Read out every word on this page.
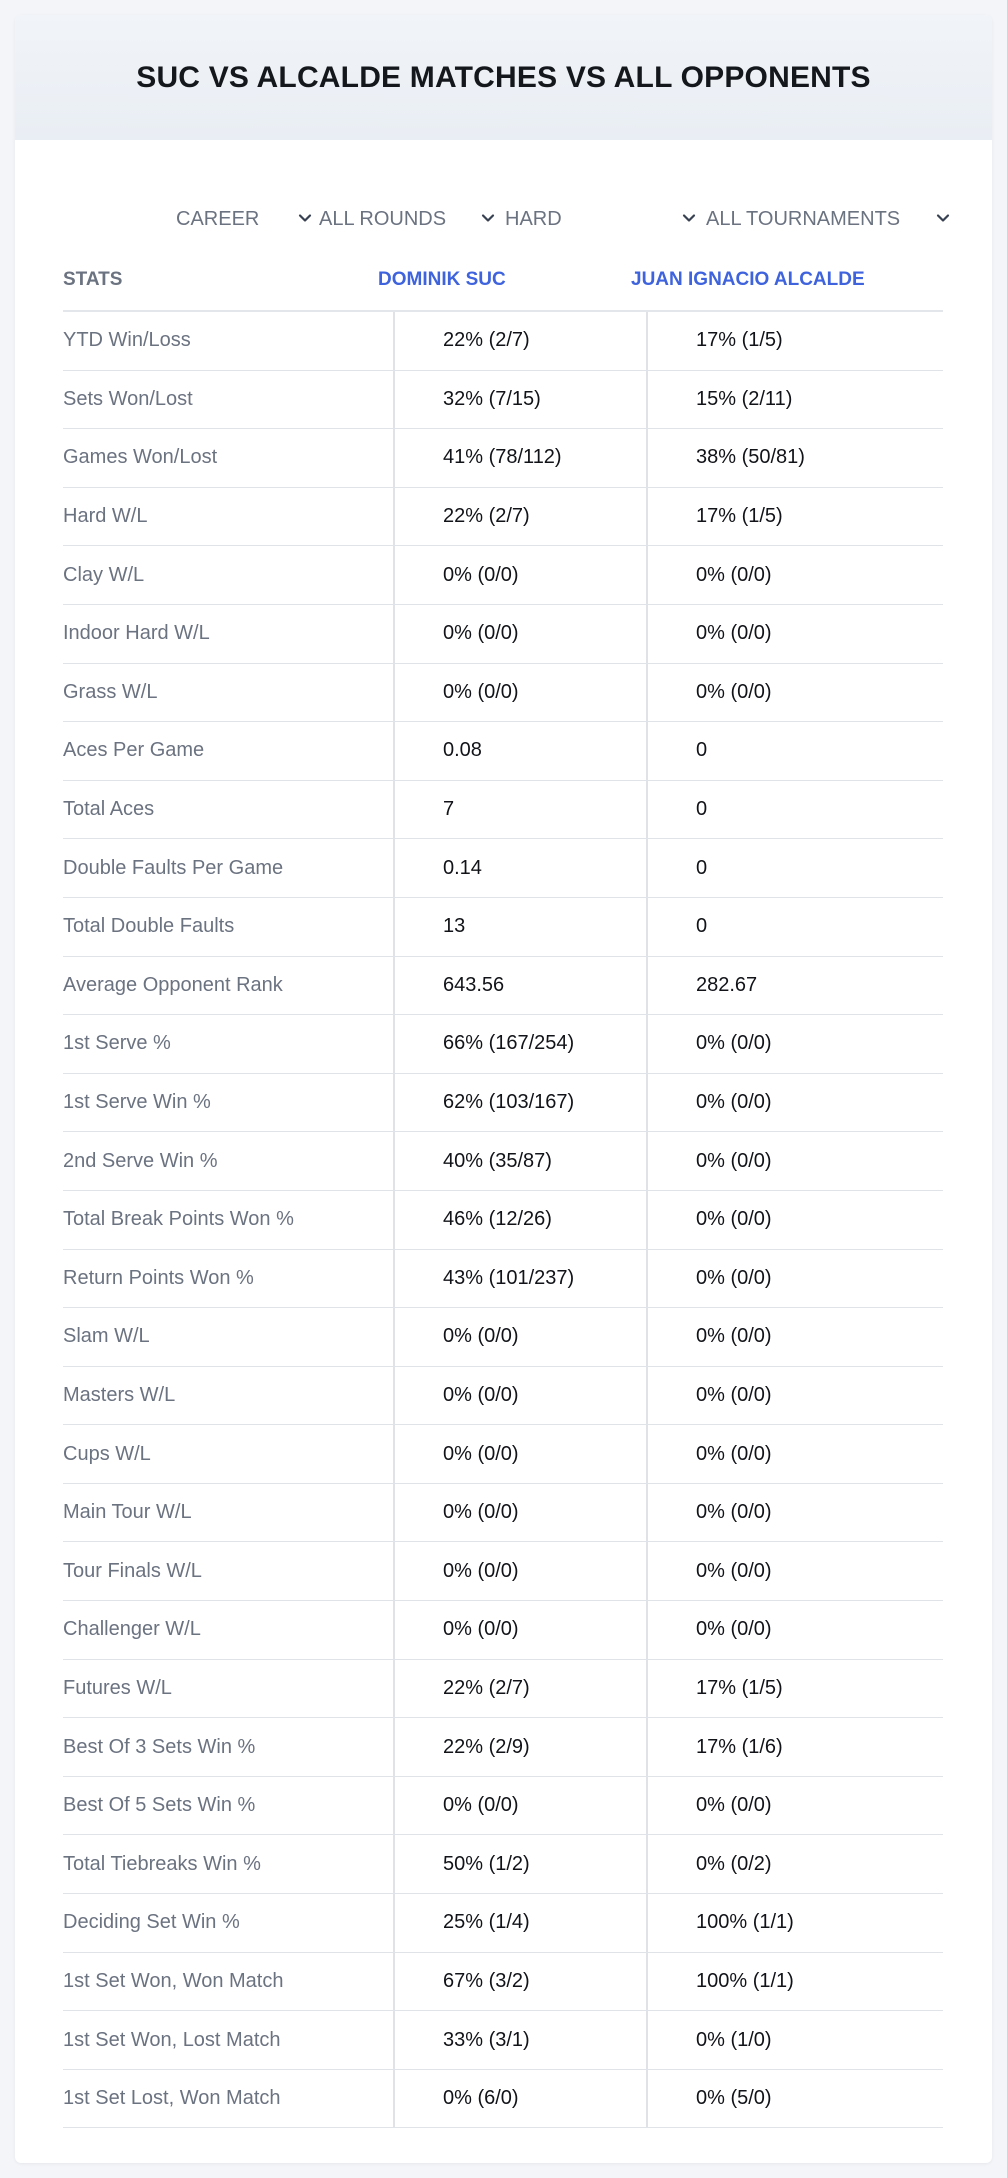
SUC VS ALCALDE MATCHES VS ALL OPPONENTS
CAREER	ALL ROUNDS	HARD	ALL TOURNAMENTS
STATS	DOMINIK SUC	JUAN IGNACIO ALCALDE
YTD Win/Loss	22% (2/7)	17% (1/5)
Sets Won/Lost	32% (7/15)	15% (2/11)
Games Won/Lost	41% (78/112)	38% (50/81)
Hard W/L	22% (2/7)	17% (1/5)
Clay W/L	0% (0/0)	0% (0/0)
Indoor Hard W/L	0% (0/0)	0% (0/0)
Grass W/L	0% (0/0)	0% (0/0)
Aces Per Game	0.08	0
Total Aces	7	0
Double Faults Per Game	0.14	0
Total Double Faults	13	0
Average Opponent Rank	643.56	282.67
1st Serve %	66% (167/254)	0% (0/0)
1st Serve Win %	62% (103/167)	0% (0/0)
2nd Serve Win %	40% (35/87)	0% (0/0)
Total Break Points Won %	46% (12/26)	0% (0/0)
Return Points Won %	43% (101/237)	0% (0/0)
Slam W/L	0% (0/0)	0% (0/0)
Masters W/L	0% (0/0)	0% (0/0)
Cups W/L	0% (0/0)	0% (0/0)
Main Tour W/L	0% (0/0)	0% (0/0)
Tour Finals W/L	0% (0/0)	0% (0/0)
Challenger W/L	0% (0/0)	0% (0/0)
Futures W/L	22% (2/7)	17% (1/5)
Best Of 3 Sets Win %	22% (2/9)	17% (1/6)
Best Of 5 Sets Win %	0% (0/0)	0% (0/0)
Total Tiebreaks Win %	50% (1/2)	0% (0/2)
Deciding Set Win %	25% (1/4)	100% (1/1)
1st Set Won, Won Match	67% (3/2)	100% (1/1)
1st Set Won, Lost Match	33% (3/1)	0% (1/0)
1st Set Lost, Won Match	0% (6/0)	0% (5/0)
